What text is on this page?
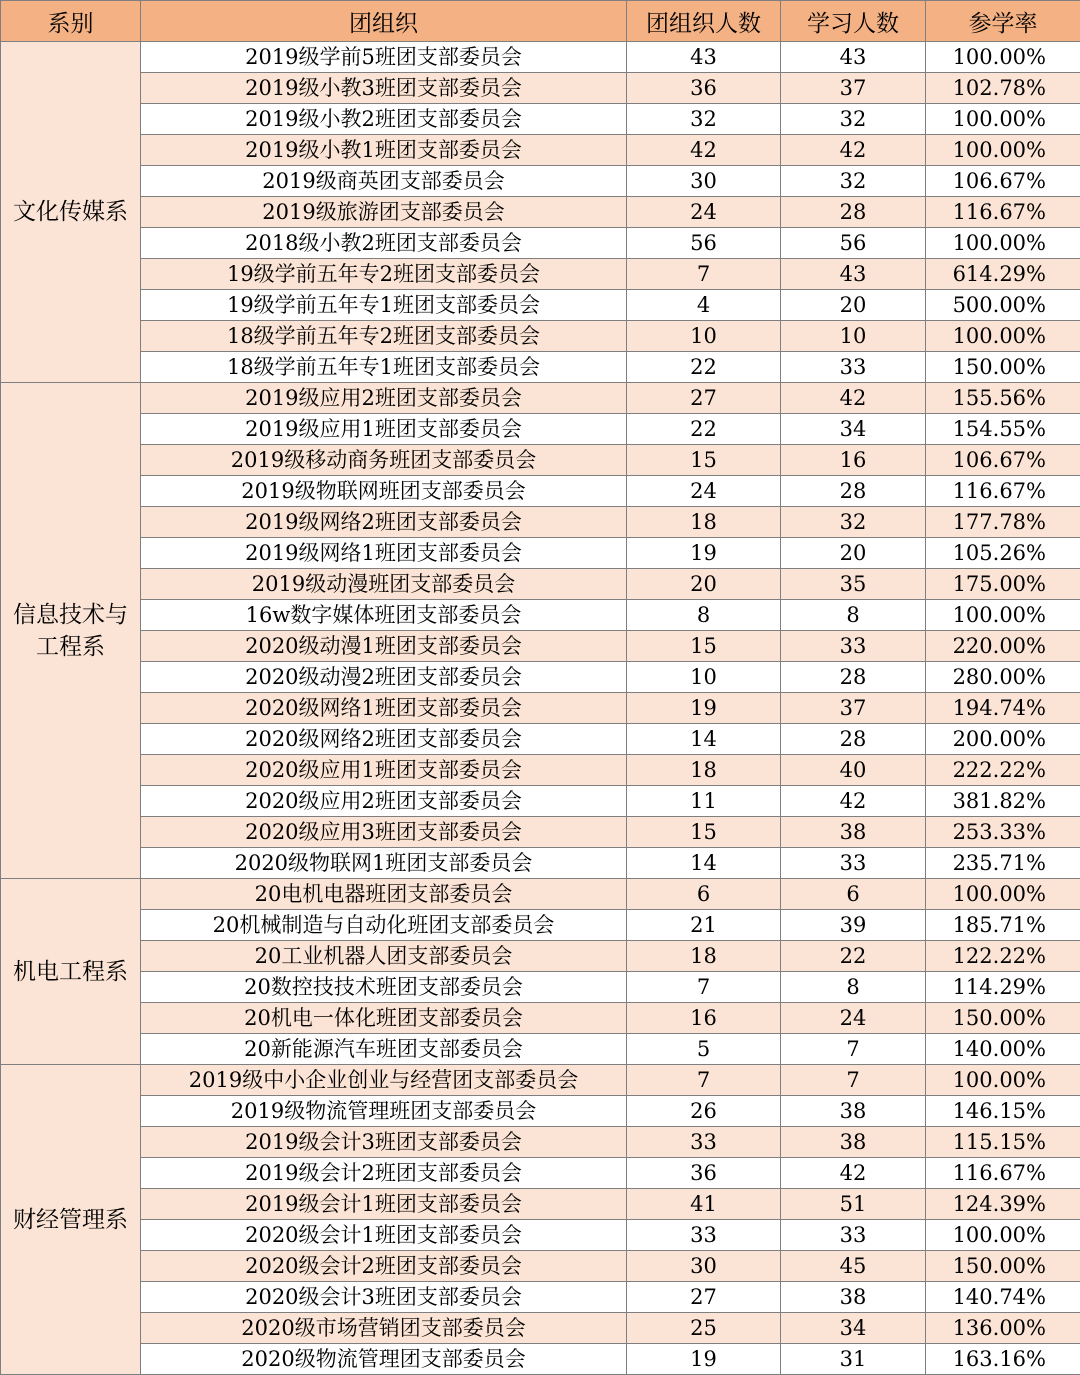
系别	团组织	团组织人数	学习人数	参学率
文化传媒系	2019级学前5班团支部委员会	43	43	100.00%
	2019级小教3班团支部委员会	36	37	102.78%
	2019级小教2班团支部委员会	32	32	100.00%
	2019级小教1班团支部委员会	42	42	100.00%
	2019级商英团支部委员会	30	32	106.67%
	2019级旅游团支部委员会	24	28	116.67%
	2018级小教2班团支部委员会	56	56	100.00%
	19级学前五年专2班团支部委员会	7	43	614.29%
	19级学前五年专1班团支部委员会	4	20	500.00%
	18级学前五年专2班团支部委员会	10	10	100.00%
	18级学前五年专1班团支部委员会	22	33	150.00%
信息技术与工程系	2019级应用2班团支部委员会	27	42	155.56%
	2019级应用1班团支部委员会	22	34	154.55%
	2019级移动商务班团支部委员会	15	16	106.67%
	2019级物联网班团支部委员会	24	28	116.67%
	2019级网络2班团支部委员会	18	32	177.78%
	2019级网络1班团支部委员会	19	20	105.26%
	2019级动漫班团支部委员会	20	35	175.00%
	16w数字媒体班团支部委员会	8	8	100.00%
	2020级动漫1班团支部委员会	15	33	220.00%
	2020级动漫2班团支部委员会	10	28	280.00%
	2020级网络1班团支部委员会	19	37	194.74%
	2020级网络2班团支部委员会	14	28	200.00%
	2020级应用1班团支部委员会	18	40	222.22%
	2020级应用2班团支部委员会	11	42	381.82%
	2020级应用3班团支部委员会	15	38	253.33%
	2020级物联网1班团支部委员会	14	33	235.71%
机电工程系	20电机电器班团支部委员会	6	6	100.00%
	20机械制造与自动化班团支部委员会	21	39	185.71%
	20工业机器人团支部委员会	18	22	122.22%
	20数控技技术班团支部委员会	7	8	114.29%
	20机电一体化班团支部委员会	16	24	150.00%
	20新能源汽车班团支部委员会	5	7	140.00%
财经管理系	2019级中小企业创业与经营团支部委员会	7	7	100.00%
	2019级物流管理班团支部委员会	26	38	146.15%
	2019级会计3班团支部委员会	33	38	115.15%
	2019级会计2班团支部委员会	36	42	116.67%
	2019级会计1班团支部委员会	41	51	124.39%
	2020级会计1班团支部委员会	33	33	100.00%
	2020级会计2班团支部委员会	30	45	150.00%
	2020级会计3班团支部委员会	27	38	140.74%
	2020级市场营销团支部委员会	25	34	136.00%
	2020级物流管理团支部委员会	19	31	163.16%
